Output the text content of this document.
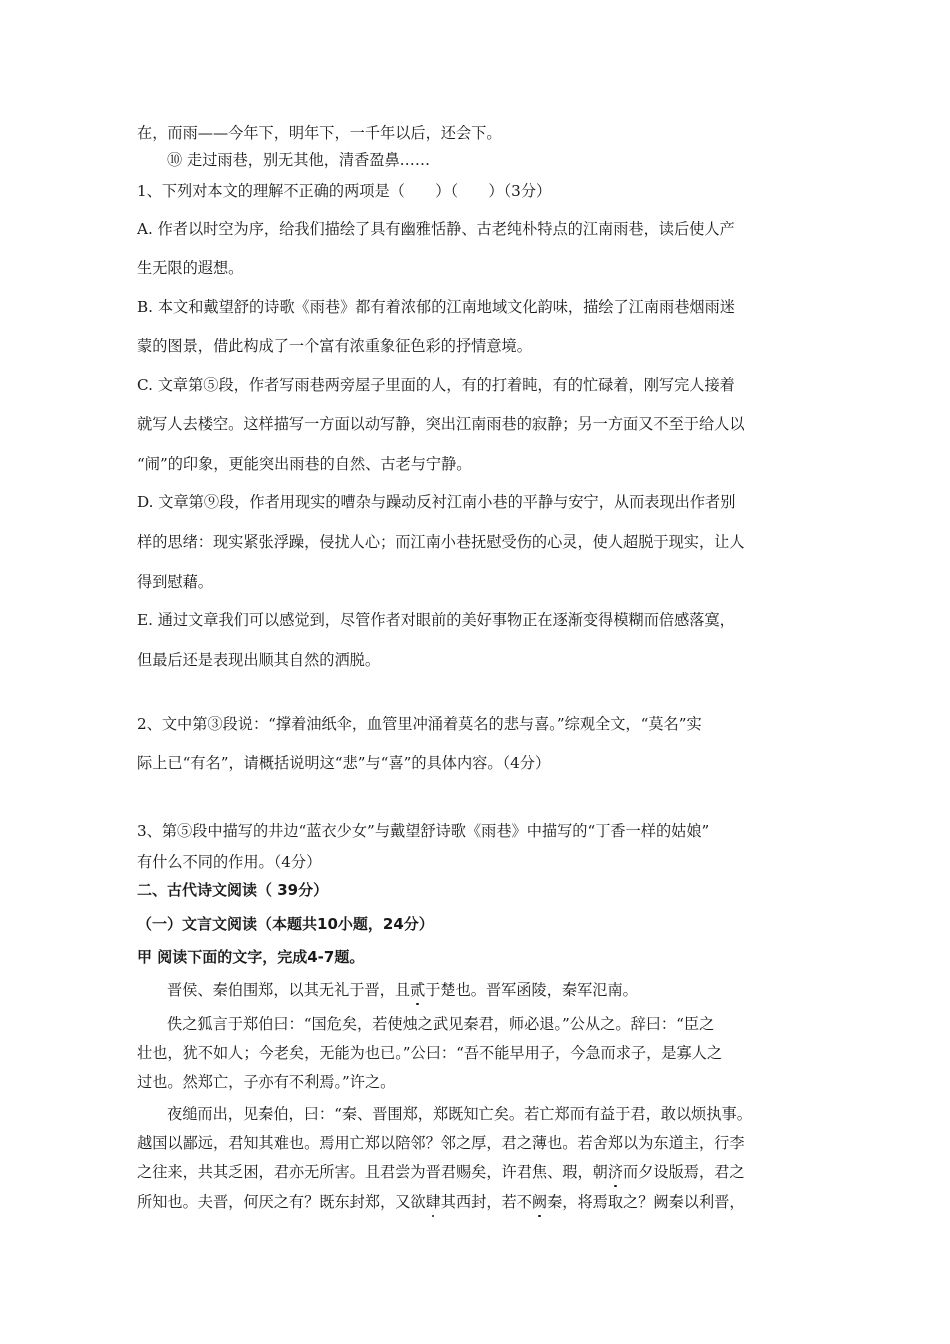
在，而雨——今年下，明年下，一千年以后，还会下。
⑩ 走过雨巷，别无其他，清香盈鼻……
1、下列对本文的理解不正确的两项是（　　）（　　）（3分）
A. 作者以时空为序，给我们描绘了具有幽雅恬静、古老纯朴特点的江南雨巷，读后使人产
生无限的遐想。
B. 本文和戴望舒的诗歌《雨巷》都有着浓郁的江南地域文化韵味，描绘了江南雨巷烟雨迷
蒙的图景，借此构成了一个富有浓重象征色彩的抒情意境。
C. 文章第⑤段，作者写雨巷两旁屋子里面的人，有的打着盹，有的忙碌着，刚写完人接着
就写人去楼空。这样描写一方面以动写静，突出江南雨巷的寂静；另一方面又不至于给人以
“闹”的印象，更能突出雨巷的自然、古老与宁静。
D. 文章第⑨段，作者用现实的嘈杂与躁动反衬江南小巷的平静与安宁，从而表现出作者别
样的思绪：现实紧张浮躁，侵扰人心；而江南小巷抚慰受伤的心灵，使人超脱于现实，让人
得到慰藉。
E. 通过文章我们可以感觉到，尽管作者对眼前的美好事物正在逐渐变得模糊而倍感落寞，
但最后还是表现出顺其自然的洒脱。
2、文中第③段说：“撑着油纸伞，血管里冲涌着莫名的悲与喜。”综观全文，“莫名”实
际上已“有名”，请概括说明这“悲”与“喜”的具体内容。（4分）
3、第⑤段中描写的井边“蓝衣少女”与戴望舒诗歌《雨巷》中描写的“丁香一样的姑娘”
有什么不同的作用。（4分）
二、古代诗文阅读（ 39分）
（一）文言文阅读（本题共10小题，24分）
甲 阅读下面的文字，完成4-7题。
晋侯、秦伯围郑，以其无礼于晋，且贰于楚也。晋军函陵，秦军氾南。
佚之狐言于郑伯曰：“国危矣，若使烛之武见秦君，师必退。”公从之。辞曰：“臣之
壮也，犹不如人；今老矣，无能为也已。”公曰：“吾不能早用子，今急而求子，是寡人之
过也。然郑亡，子亦有不利焉。”许之。
夜缒而出，见秦伯，曰：“秦、晋围郑，郑既知亡矣。若亡郑而有益于君，敢以烦执事。
越国以鄙远，君知其难也。焉用亡郑以陪邻？邻之厚，君之薄也。若舍郑以为东道主，行李
之往来，共其乏困，君亦无所害。且君尝为晋君赐矣，许君焦、瑕，朝济而夕设版焉，君之
所知也。夫晋，何厌之有？既东封郑，又欲肆其西封，若不阙秦，将焉取之？阙秦以利晋，
